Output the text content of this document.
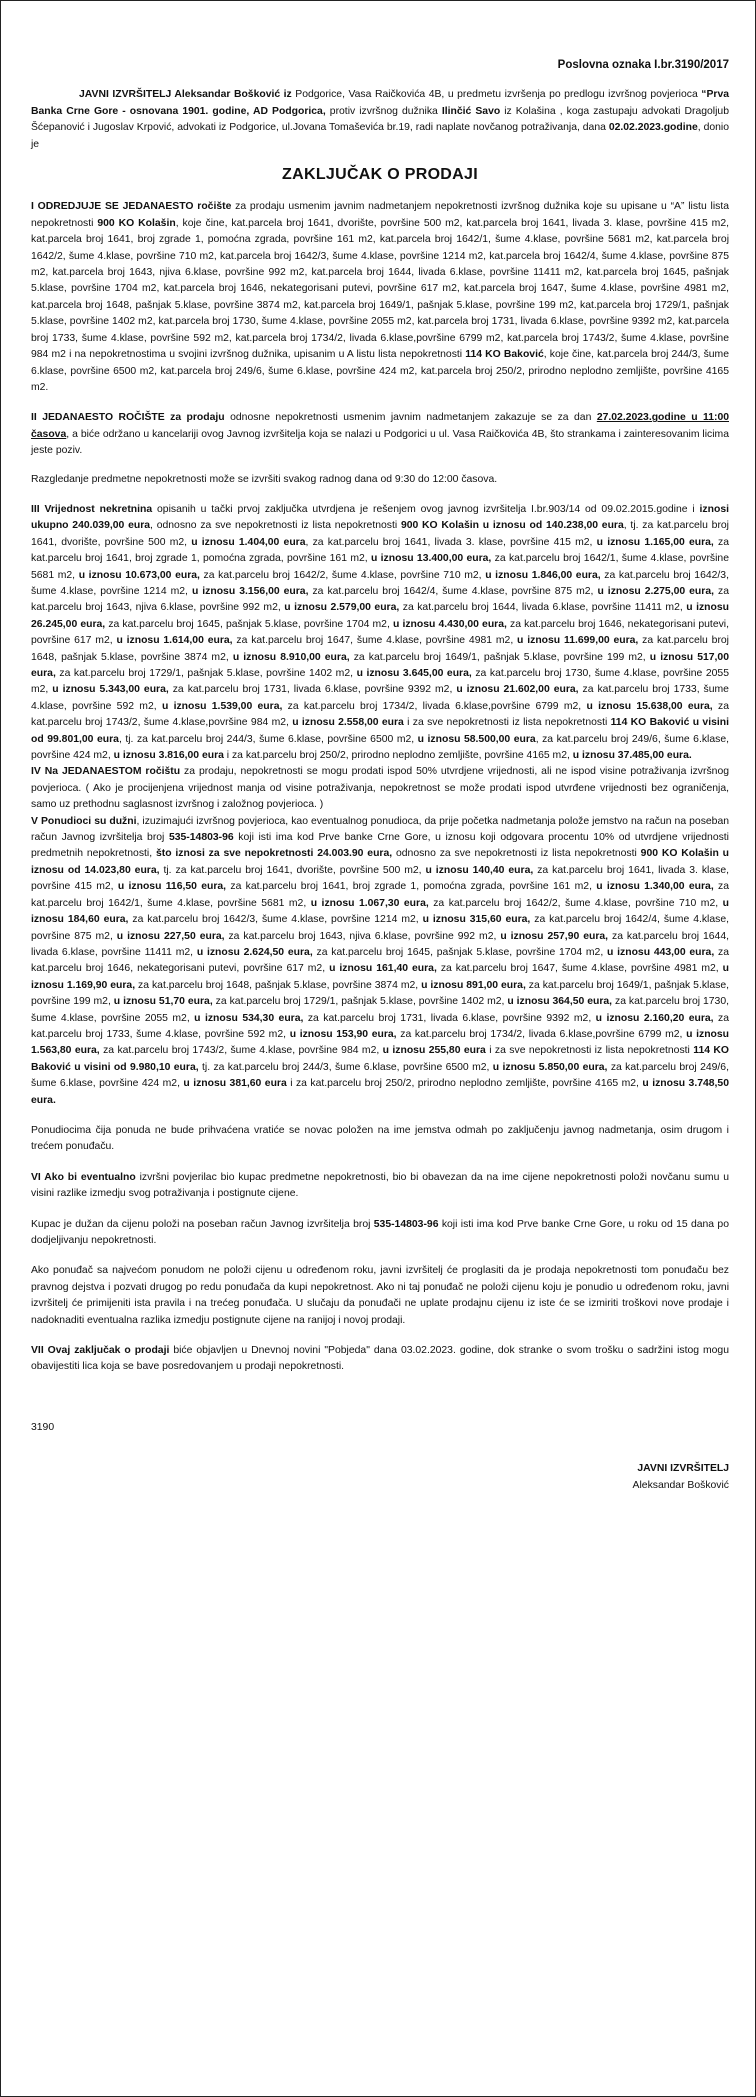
Poslovna oznaka I.br.3190/2017

JAVNI IZVRŠITELJ Aleksandar Bošković iz Podgorice, Vasa Raičkovića 4B, u predmetu izvršenja po predlogu izvršnog povjerioca “Prva Banka Crne Gore - osnovana 1901. godine, AD Podgorica, protiv izvršnog dužnika Ilinčić Savo iz Kolašina , koga zastupaju advokati Dragoljub Šćepanović i Jugoslav Krpović, advokati iz Podgorice, ul.Jovana Tomaševića br.19, radi naplate novčanog potraživanja, dana 02.02.2023.godine, donio je

ZAKLJUČAK O PRODAJI

I ODREDJUJE SE JEDANAESTO ročište za prodaju usmenim javnim nadmetanjem nepokretnosti izvršnog dužnika koje su upisane u “A” listu lista nepokretnosti 900 KO Kolašin, koje čine, kat.parcela broj 1641, dvorište, površine 500 m2, kat.parcela broj 1641, livada 3. klase, površine 415 m2, kat.parcela broj 1641, broj zgrade 1, pomoćna zgrada, površine 161 m2, kat.parcela broj 1642/1, šume 4.klase, površine 5681 m2, kat.parcela broj 1642/2, šume 4.klase, površine 710 m2, kat.parcela broj 1642/3, šume 4.klase, površine 1214 m2, kat.parcela broj 1642/4, šume 4.klase, površine 875 m2, kat.parcela broj 1643, njiva 6.klase, površine 992 m2, kat.parcela broj 1644, livada 6.klase, površine 11411 m2, kat.parcela broj 1645, pašnjak 5.klase, površine 1704 m2, kat.parcela broj 1646, nekategorisani putevi, površine 617 m2, kat.parcela broj 1647, šume 4.klase, površine 4981 m2, kat.parcela broj 1648, pašnjak 5.klase, površine 3874 m2, kat.parcela broj 1649/1, pašnjak 5.klase, površine 199 m2, kat.parcela broj 1729/1, pašnjak 5.klase, površine 1402 m2, kat.parcela broj 1730, šume 4.klase, površine 2055 m2, kat.parcela broj 1731, livada 6.klase, površine 9392 m2, kat.parcela broj 1733, šume 4.klase, površine 592 m2, kat.parcela broj 1734/2, livada 6.klase,površine 6799 m2, kat.parcela broj 1743/2, šume 4.klase, površine 984 m2 i na nepokretnostima u svojini izvršnog dužnika, upisanim u A listu lista nepokretnosti 114 KO Baković, koje čine, kat.parcela broj 244/3, šume 6.klase, površine 6500 m2, kat.parcela broj 249/6, šume 6.klase, površine 424 m2, kat.parcela broj 250/2, prirodno neplodno zemljište, površine 4165 m2.

II JEDANAESTO ROČIŠTE za prodaju odnosne nepokretnosti usmenim javnim nadmetanjem zakazuje se za dan 27.02.2023.godine u 11:00 časova, a biće održano u kancelariji ovog Javnog izvršitelja koja se nalazi u Podgorici u ul. Vasa Raičkovića 4B, što strankama i zainteresovanim licima jeste poziv.

Razgledanje predmetne nepokretnosti može se izvršiti svakog radnog dana od 9:30 do 12:00 časova.

III Vrijednost nekretnina opisanih u tački prvoj zaključka utvrdjena je rešenjem ovog javnog izvršitelja I.br.903/14 od 09.02.2015.godine i iznosi ukupno 240.039,00 eura, odnosno za sve nepokretnosti iz lista nepokretnosti 900 KO Kolašin u iznosu od 140.238,00 eura, tj. za kat.parcelu broj 1641, dvorište, površine 500 m2, u iznosu 1.404,00 eura, za kat.parcelu broj 1641, livada 3. klase, površine 415 m2, u iznosu 1.165,00 eura, za kat.parcelu broj 1641, broj zgrade 1, pomoćna zgrada, površine 161 m2, u iznosu 13.400,00 eura, za kat.parcelu broj 1642/1, šume 4.klase, površine 5681 m2, u iznosu 10.673,00 eura, za kat.parcelu broj 1642/2, šume 4.klase, površine 710 m2, u iznosu 1.846,00 eura, za kat.parcelu broj 1642/3, šume 4.klase, površine 1214 m2, u iznosu 3.156,00 eura, za kat.parcelu broj 1642/4, šume 4.klase, površine 875 m2, u iznosu 2.275,00 eura, za kat.parcelu broj 1643, njiva 6.klase, površine 992 m2, u iznosu 2.579,00 eura, za kat.parcelu broj 1644, livada 6.klase, površine 11411 m2, u iznosu 26.245,00 eura, za kat.parcelu broj 1645, pašnjak 5.klase, površine 1704 m2, u iznosu 4.430,00 eura, za kat.parcelu broj 1646, nekategorisani putevi, površine 617 m2, u iznosu 1.614,00 eura, za kat.parcelu broj 1647, šume 4.klase, površine 4981 m2, u iznosu 11.699,00 eura, za kat.parcelu broj 1648, pašnjak 5.klase, površine 3874 m2, u iznosu 8.910,00 eura, za kat.parcelu broj 1649/1, pašnjak 5.klase, površine 199 m2, u iznosu 517,00 eura, za kat.parcelu broj 1729/1, pašnjak 5.klase, površine 1402 m2, u iznosu 3.645,00 eura, za kat.parcelu broj 1730, šume 4.klase, površine 2055 m2, u iznosu 5.343,00 eura, za kat.parcelu broj 1731, livada 6.klase, površine 9392 m2, u iznosu 21.602,00 eura, za kat.parcelu broj 1733, šume 4.klase, površine 592 m2, u iznosu 1.539,00 eura, za kat.parcelu broj 1734/2, livada 6.klase,površine 6799 m2, u iznosu 15.638,00 eura, za kat.parcelu broj 1743/2, šume 4.klase,površine 984 m2, u iznosu 2.558,00 eura i za sve nepokretnosti iz lista nepokretnosti 114 KO Baković u visini od 99.801,00 eura, tj. za kat.parcelu broj 244/3, šume 6.klase, površine 6500 m2, u iznosu 58.500,00 eura, za kat.parcelu broj 249/6, šume 6.klase, površine 424 m2, u iznosu 3.816,00 eura i za kat.parcelu broj 250/2, prirodno neplodno zemljište, površine 4165 m2, u iznosu 37.485,00 eura.

IV Na JEDANAESTOM ročištu za prodaju, nepokretnosti se mogu prodati ispod 50% utvrdjene vrijednosti, ali ne ispod visine potraživanja izvršnog povjerioca. ( Ako je procijenjena vrijednost manja od visine potraživanja, nepokretnost se može prodati ispod utvrđene vrijednosti bez ograničenja, samo uz prethodnu saglasnost izvršnog i založnog povjerioca. )

V Ponudioci su dužni, izuzimajući izvršnog povjerioca, kao eventualnog ponudioca, da prije početka nadmetanja polože jemstvo na račun na poseban račun Javnog izvršitelja broj 535-14803-96 koji isti ima kod Prve banke Crne Gore, u iznosu koji odgovara procentu 10% od utvrdjene vrijednosti predmetnih nepokretnosti, što iznosi za sve nepokretnosti 24.003.90 eura, odnosno za sve nepokretnosti iz lista nepokretnosti 900 KO Kolašin u iznosu od 14.023,80 eura, tj. za kat.parcelu broj 1641, dvorište, površine 500 m2, u iznosu 140,40 eura, za kat.parcelu broj 1641, livada 3. klase, površine 415 m2, u iznosu 116,50 eura, za kat.parcelu broj 1641, broj zgrade 1, pomoćna zgrada, površine 161 m2, u iznosu 1.340,00 eura, za kat.parcelu broj 1642/1, šume 4.klase, površine 5681 m2, u iznosu 1.067,30 eura, za kat.parcelu broj 1642/2, šume 4.klase, površine 710 m2, u iznosu 184,60 eura, za kat.parcelu broj 1642/3, šume 4.klase, površine 1214 m2, u iznosu 315,60 eura, za kat.parcelu broj 1642/4, šume 4.klase, površine 875 m2, u iznosu 227,50 eura, za kat.parcelu broj 1643, njiva 6.klase, površine 992 m2, u iznosu 257,90 eura, za kat.parcelu broj 1644, livada 6.klase, površine 11411 m2, u iznosu 2.624,50 eura, za kat.parcelu broj 1645, pašnjak 5.klase, površine 1704 m2, u iznosu 443,00 eura, za kat.parcelu broj 1646, nekategorisani putevi, površine 617 m2, u iznosu 161,40 eura, za kat.parcelu broj 1647, šume 4.klase, površine 4981 m2, u iznosu 1.169,90 eura, za kat.parcelu broj 1648, pašnjak 5.klase, površine 3874 m2, u iznosu 891,00 eura, za kat.parcelu broj 1649/1, pašnjak 5.klase, površine 199 m2, u iznosu 51,70 eura, za kat.parcelu broj 1729/1, pašnjak 5.klase, površine 1402 m2, u iznosu 364,50 eura, za kat.parcelu broj 1730, šume 4.klase, površine 2055 m2, u iznosu 534,30 eura, za kat.parcelu broj 1731, livada 6.klase, površine 9392 m2, u iznosu 2.160,20 eura, za kat.parcelu broj 1733, šume 4.klase, površine 592 m2, u iznosu 153,90 eura, za kat.parcelu broj 1734/2, livada 6.klase,površine 6799 m2, u iznosu 1.563,80 eura, za kat.parcelu broj 1743/2, šume 4.klase, površine 984 m2, u iznosu 255,80 eura i za sve nepokretnosti iz lista nepokretnosti 114 KO Baković u visini od 9.980,10 eura, tj. za kat.parcelu broj 244/3, šume 6.klase, površine 6500 m2, u iznosu 5.850,00 eura, za kat.parcelu broj 249/6, šume 6.klase, površine 424 m2, u iznosu 381,60 eura i za kat.parcelu broj 250/2, prirodno neplodno zemljište, površine 4165 m2, u iznosu 3.748,50 eura.

Ponudiocima čija ponuda ne bude prihvaćena vratiće se novac položen na ime jemstva odmah po zaključenju javnog nadmetanja, osim drugom i trećem ponuđaču.

VI Ako bi eventualno izvršni povjerilac bio kupac predmetne nepokretnosti, bio bi obavezan da na ime cijene nepokretnosti položi novčanu sumu u visini razlike izmedju svog potraživanja i postignute cijene.

Kupac je dužan da cijenu položi na poseban račun Javnog izvršitelja broj 535-14803-96 koji isti ima kod Prve banke Crne Gore, u roku od 15 dana po dodjeljivanju nepokretnosti.

Ako ponuđač sa najvećom ponudom ne položi cijenu u određenom roku, javni izvršitelj će proglasiti da je prodaja nepokretnosti tom ponuđaču bez pravnog dejstva i pozvati drugog po redu ponuđača da kupi nepokretnost. Ako ni taj ponuđač ne položi cijenu koju je ponudio u određenom roku, javni izvršitelj će primijeniti ista pravila i na trećeg ponuđača. U slučaju da ponuđači ne uplate prodajnu cijenu iz iste će se izmiriti troškovi nove prodaje i nadoknaditi eventualna razlika izmedju postignute cijene na ranijoj i novoj prodaji.

VII Ovaj zaključak o prodaji biće objavljen u Dnevnoj novini "Pobjeda" dana 03.02.2023. godine, dok stranke o svom trošku o sadržini istog mogu obavijestiti lica koja se bave posredovanjem u prodaji nepokretnosti.

3190
JAVNI IZVRŠITELJ
Aleksandar Bošković
